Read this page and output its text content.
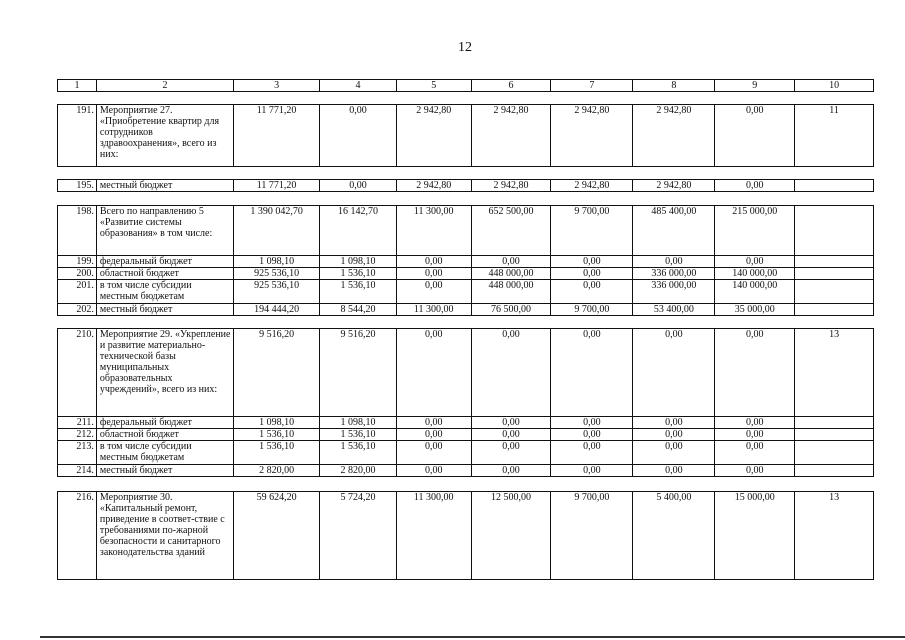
12
1	2	3	4	5	6	7	8	9	10
191.	Мероприятие 27. «Приобретение квартир для сотрудников здравоохранения», всего из них:	11 771,20	0,00	2 942,80	2 942,80	2 942,80	2 942,80	0,00	11
195.	местный бюджет	11 771,20	0,00	2 942,80	2 942,80	2 942,80	2 942,80	0,00	
198.	Всего по направлению 5 «Развитие системы образования» в том числе:	1 390 042,70	16 142,70	11 300,00	652 500,00	9 700,00	485 400,00	215 000,00	
199.	федеральный бюджет	1 098,10	1 098,10	0,00	0,00	0,00	0,00	0,00	
200.	областной бюджет	925 536,10	1 536,10	0,00	448 000,00	0,00	336 000,00	140 000,00	
201.	в том числе субсидии местным бюджетам	925 536,10	1 536,10	0,00	448 000,00	0,00	336 000,00	140 000,00	
202.	местный бюджет	194 444,20	8 544,20	11 300,00	76 500,00	9 700,00	53 400,00	35 000,00	
210.	Мероприятие 29. «Укрепление и развитие материально-технической базы муниципальных образовательных учреждений», всего из них:	9 516,20	9 516,20	0,00	0,00	0,00	0,00	0,00	13
211.	федеральный бюджет	1 098,10	1 098,10	0,00	0,00	0,00	0,00	0,00	
212.	областной бюджет	1 536,10	1 536,10	0,00	0,00	0,00	0,00	0,00	
213.	в том числе субсидии местным бюджетам	1 536,10	1 536,10	0,00	0,00	0,00	0,00	0,00	
214.	местный бюджет	2 820,00	2 820,00	0,00	0,00	0,00	0,00	0,00	
216.	Мероприятие 30. «Капитальный ремонт, приведение в соответ-ствие с требованиями по-жарной безопасности и санитарного законодательства зданий	59 624,20	5 724,20	11 300,00	12 500,00	9 700,00	5 400,00	15 000,00	13
